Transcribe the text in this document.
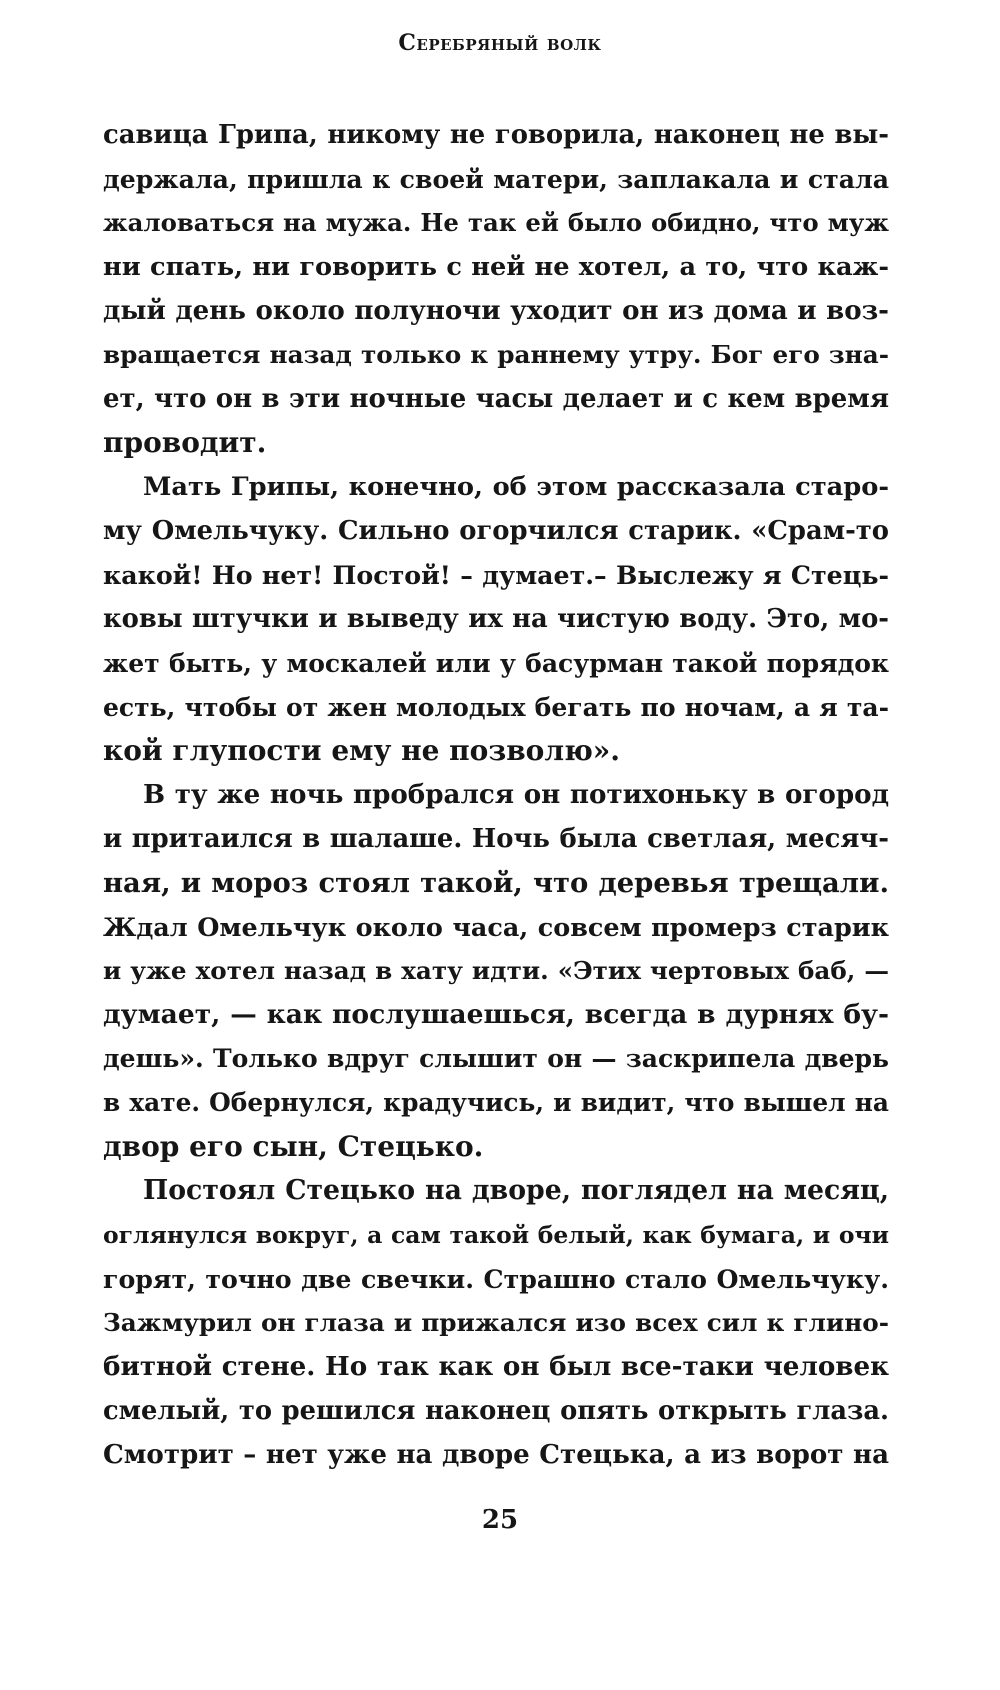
Серебряный волк
савица Грипа, никому не говорила, наконец не вы-
держала, пришла к своей матери, заплакала и стала
жаловаться на мужа. Не так ей было обидно, что муж
ни спать, ни говорить с ней не хотел, а то, что каж-
дый день около полуночи уходит он из дома и воз-
вращается назад только к раннему утру. Бог его зна-
ет, что он в эти ночные часы делает и с кем время
проводит.
Мать Грипы, конечно, об этом рассказала старо-
му Омельчуку. Сильно огорчился старик. «Срам-то
какой! Но нет! Постой! – думает.– Выслежу я Стець-
ковы штучки и выведу их на чистую воду. Это, мо-
жет быть, у москалей или у басурман такой порядок
есть, чтобы от жен молодых бегать по ночам, а я та-
кой глупости ему не позволю».
В ту же ночь пробрался он потихоньку в огород
и притаился в шалаше. Ночь была светлая, месяч-
ная, и мороз стоял такой, что деревья трещали.
Ждал Омельчук около часа, совсем промерз старик
и уже хотел назад в хату идти. «Этих чертовых баб, —
думает, — как послушаешься, всегда в дурнях бу-
дешь». Только вдруг слышит он — заскрипела дверь
в хате. Обернулся, крадучись, и видит, что вышел на
двор его сын, Стецько.
Постоял Стецько на дворе, поглядел на месяц,
оглянулся вокруг, а сам такой белый, как бумага, и очи
горят, точно две свечки. Страшно стало Омельчуку.
Зажмурил он глаза и прижался изо всех сил к глино-
битной стене. Но так как он был все-таки человек
смелый, то решился наконец опять открыть глаза.
Смотрит – нет уже на дворе Стецька, а из ворот на
25
